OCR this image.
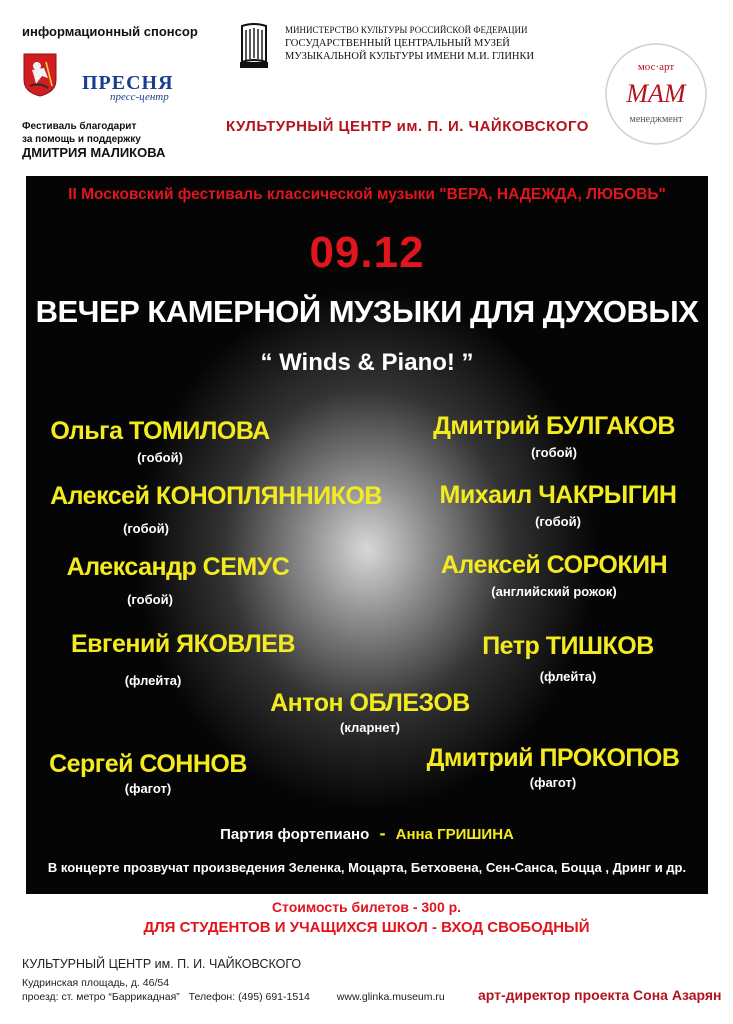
информационный спонсор
ПРЕСНЯ
пресс-центр
Фестиваль благодарит
за помощь и поддержку
ДМИТРИЯ МАЛИКОВА
МИНИСТЕРСТВО КУЛЬТУРЫ РОССИЙСКОЙ ФЕДЕРАЦИИ
ГОСУДАРСТВЕННЫЙ ЦЕНТРАЛЬНЫЙ МУЗЕЙ
МУЗЫКАЛЬНОЙ КУЛЬТУРЫ ИМЕНИ М.И. ГЛИНКИ
мос·арт
МАМ
менеджмент
КУЛЬТУРНЫЙ ЦЕНТР им. П. И. ЧАЙКОВСКОГО
II Московский фестиваль классической музыки "ВЕРА, НАДЕЖДА, ЛЮБОВЬ"
09.12
ВЕЧЕР КАМЕРНОЙ МУЗЫКИ ДЛЯ ДУХОВЫХ
“ Winds & Piano! ”
Ольга ТОМИЛОВА
(гобой)
Дмитрий БУЛГАКОВ
(гобой)
Алексей КОНОПЛЯННИКОВ
(гобой)
Михаил ЧАКРЫГИН
(гобой)
Александр СЕМУС
(гобой)
Алексей СОРОКИН
(английский рожок)
Евгений ЯКОВЛЕВ
(флейта)
Петр ТИШКОВ
(флейта)
Антон ОБЛЕЗОВ
(кларнет)
Сергей СОННОВ
(фагот)
Дмитрий ПРОКОПОВ
(фагот)
Партия фортепиано - Анна ГРИШИНА
В концерте прозвучат произведения Зеленка, Моцарта, Бетховена, Сен-Санса, Боцца , Дринг и др.
Стоимость билетов - 300 р.
ДЛЯ СТУДЕНТОВ И УЧАЩИХСЯ ШКОЛ - ВХОД СВОБОДНЫЙ
КУЛЬТУРНЫЙ ЦЕНТР им. П. И. ЧАЙКОВСКОГО
Кудринская площадь, д. 46/54
проезд: ст. метро “Баррикадная” Телефон: (495) 691-1514	www.glinka.museum.ru	арт-директор проекта Сона Азарян
